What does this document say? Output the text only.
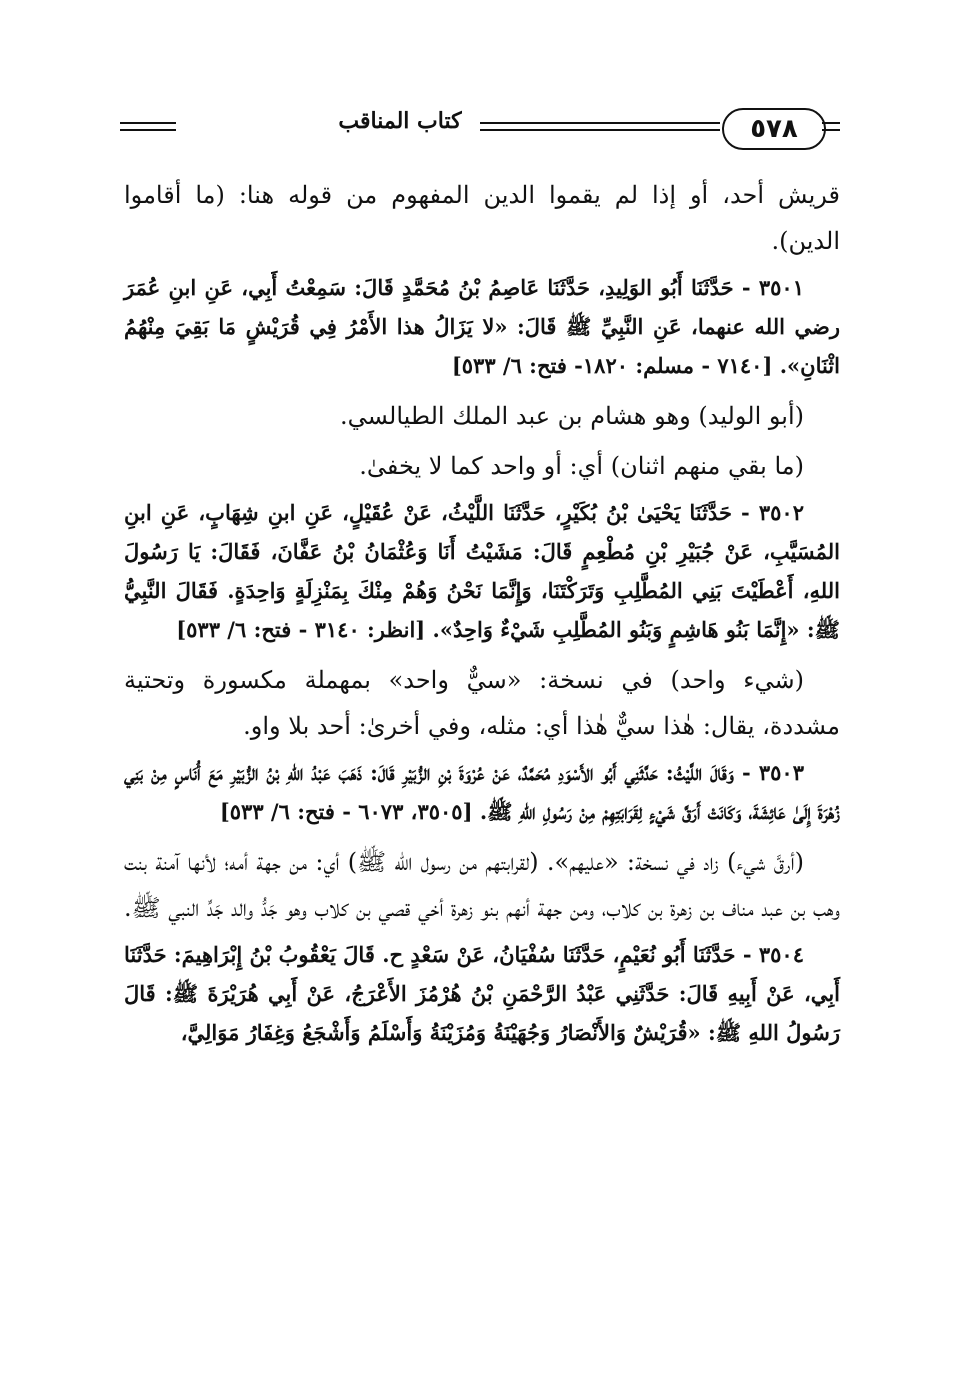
كتاب المناقب	٥٧٨

قريش أحد، أو إذا لم يقموا الدين المفهوم من قوله هنا: (ما أقاموا الدين).

٣٥٠١ - حَدَّثَنَا أَبُو الوَلِيدِ، حَدَّثَنَا عَاصِمُ بْنُ مُحَمَّدٍ قَالَ: سَمِعْتُ أَبِي، عَنِ ابنِ عُمَرَ رضي الله عنهما، عَنِ النَّبِيِّ ﷺ قَالَ: «لا يَزَالُ هذا الأَمْرُ فِي قُرَيْشٍ مَا بَقِيَ مِنْهُمُ اثْنَانِ». [٧١٤٠ - مسلم: ١٨٢٠- فتح: ٦/ ٥٣٣]

(أبو الوليد) وهو هشام بن عبد الملك الطيالسي.

(ما بقي منهم اثنان) أي: أو واحد كما لا يخفىٰ.

٣٥٠٢ - حَدَّثَنَا يَحْيَىٰ بْنُ بُكَيْرٍ، حَدَّثَنَا اللَّيْثُ، عَنْ عُقَيْلٍ، عَنِ ابنِ شِهَابٍ، عَنِ ابنِ المُسَيَّبِ، عَنْ جُبَيْرِ بْنِ مُطْعِمٍ قَالَ: مَشَيْتُ أَنَا وَعُثْمَانُ بْنُ عَفَّانَ، فَقَالَ: يَا رَسُولَ اللهِ، أَعْطَيْتَ بَنِي المُطَّلِبِ وَتَرَكْتَنَا، وَإِنَّمَا نَحْنُ وَهُمْ مِنْكَ بِمَنْزِلَةٍ وَاحِدَةٍ. فَقَالَ النَّبِيُّ ﷺ: «إِنَّمَا بَنُو هَاشِمٍ وَبَنُو المُطَّلِبِ شَيْءٌ وَاحِدٌ». [انظر: ٣١٤٠ - فتح: ٦/ ٥٣٣]

(شيء واحد) في نسخة: «سيٌّ واحد» بمهملة مكسورة وتحتية مشددة، يقال: هٰذا سيٌّ هٰذا أي: مثله، وفي أخرىٰ: أحد بلا واو.

٣٥٠٣ - وَقَالَ اللَّيْثُ: حَدَّثَنِي أَبُو الأَسْوَدِ مُحَمَّدٌ، عَنْ عُرْوَةَ بْنِ الزُّبَيْرِ قَالَ: ذَهَبَ عَبْدُ اللهِ بْنُ الزُّبَيْرِ مَعَ أُنَاسٍ مِنْ بَنِي زُهْرَةَ إِلَىٰ عَائِشَةَ، وَكَانَتْ أَرَقَّ شَيْءٍ لِقَرَابَتِهِمْ مِنْ رَسُولِ اللهِ ﷺ. [٣٥٠٥، ٦٠٧٣ - فتح: ٦/ ٥٣٣]

(أرقَّ شيء) زاد في نسخة: «عليهم». (لقرابتهم من رسول الله ﷺ) أي: من جهة أمه؛ لأنها آمنة بنت وهب بن عبد مناف بن زهرة بن كلاب، ومن جهة أنهم بنو زهرة أخي قصي بن كلاب وهو جَدُّ والد جَدِّ النبي ﷺ.

٣٥٠٤ - حَدَّثَنَا أَبُو نُعَيْمٍ، حَدَّثَنَا سُفْيَانُ، عَنْ سَعْدٍ ح. قَالَ يَعْقُوبُ بْنُ إِبْرَاهِيمَ: حَدَّثَنَا أَبِي، عَنْ أَبِيهِ قَالَ: حَدَّثَنِي عَبْدُ الرَّحْمَنِ بْنُ هُرْمُزَ الأَعْرَجُ، عَنْ أَبِي هُرَيْرَةَ ﷺ: قَالَ رَسُولُ اللهِ ﷺ: «قُرَيْشٌ وَالأَنْصَارُ وَجُهَيْنَةُ وَمُزَيْنَةُ وَأَسْلَمُ وَأَشْجَعُ وَغِفَارُ مَوَالِيَّ،
